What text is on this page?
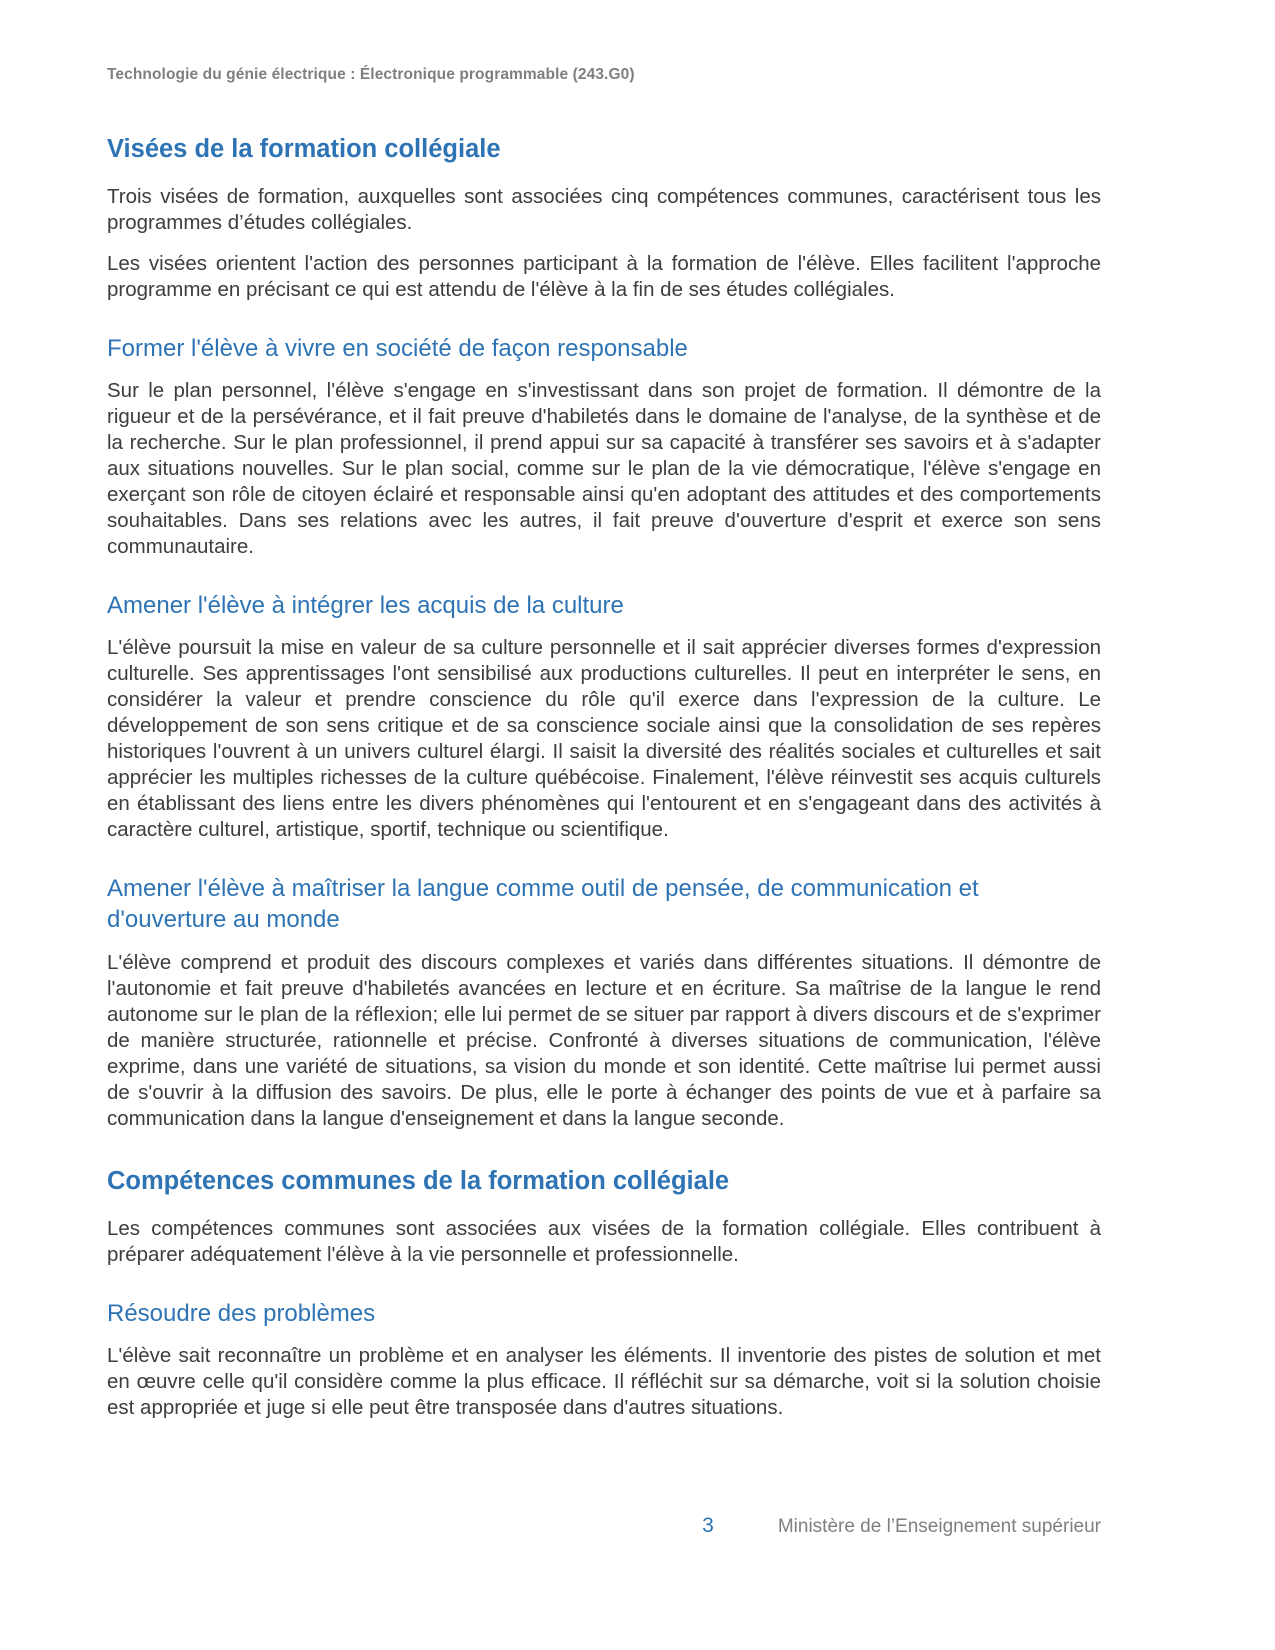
Technologie du génie électrique : Électronique programmable (243.G0)
Visées de la formation collégiale

Trois visées de formation, auxquelles sont associées cinq compétences communes, caractérisent tous les programmes d’études collégiales.

Les visées orientent l'action des personnes participant à la formation de l'élève. Elles facilitent l'approche programme en précisant ce qui est attendu de l'élève à la fin de ses études collégiales.

Former l'élève à vivre en société de façon responsable

Sur le plan personnel, l'élève s'engage en s'investissant dans son projet de formation. Il démontre de la rigueur et de la persévérance, et il fait preuve d'habiletés dans le domaine de l'analyse, de la synthèse et de la recherche. Sur le plan professionnel, il prend appui sur sa capacité à transférer ses savoirs et à s'adapter aux situations nouvelles. Sur le plan social, comme sur le plan de la vie démocratique, l'élève s'engage en exerçant son rôle de citoyen éclairé et responsable ainsi qu'en adoptant des attitudes et des comportements souhaitables. Dans ses relations avec les autres, il fait preuve d'ouverture d'esprit et exerce son sens communautaire.

Amener l'élève à intégrer les acquis de la culture

L'élève poursuit la mise en valeur de sa culture personnelle et il sait apprécier diverses formes d'expression culturelle. Ses apprentissages l'ont sensibilisé aux productions culturelles. Il peut en interpréter le sens, en considérer la valeur et prendre conscience du rôle qu'il exerce dans l'expression de la culture. Le développement de son sens critique et de sa conscience sociale ainsi que la consolidation de ses repères historiques l'ouvrent à un univers culturel élargi. Il saisit la diversité des réalités sociales et culturelles et sait apprécier les multiples richesses de la culture québécoise. Finalement, l'élève réinvestit ses acquis culturels en établissant des liens entre les divers phénomènes qui l'entourent et en s'engageant dans des activités à caractère culturel, artistique, sportif, technique ou scientifique.

Amener l'élève à maîtriser la langue comme outil de pensée, de communication et d'ouverture au monde

L'élève comprend et produit des discours complexes et variés dans différentes situations. Il démontre de l'autonomie et fait preuve d'habiletés avancées en lecture et en écriture. Sa maîtrise de la langue le rend autonome sur le plan de la réflexion; elle lui permet de se situer par rapport à divers discours et de s'exprimer de manière structurée, rationnelle et précise. Confronté à diverses situations de communication, l'élève exprime, dans une variété de situations, sa vision du monde et son identité. Cette maîtrise lui permet aussi de s'ouvrir à la diffusion des savoirs. De plus, elle le porte à échanger des points de vue et à parfaire sa communication dans la langue d'enseignement et dans la langue seconde.

Compétences communes de la formation collégiale

Les compétences communes sont associées aux visées de la formation collégiale. Elles contribuent à préparer adéquatement l'élève à la vie personnelle et professionnelle.

Résoudre des problèmes

L'élève sait reconnaître un problème et en analyser les éléments. Il inventorie des pistes de solution et met en œuvre celle qu'il considère comme la plus efficace. Il réfléchit sur sa démarche, voit si la solution choisie est appropriée et juge si elle peut être transposée dans d'autres situations.

3	Ministère de l’Enseignement supérieur
